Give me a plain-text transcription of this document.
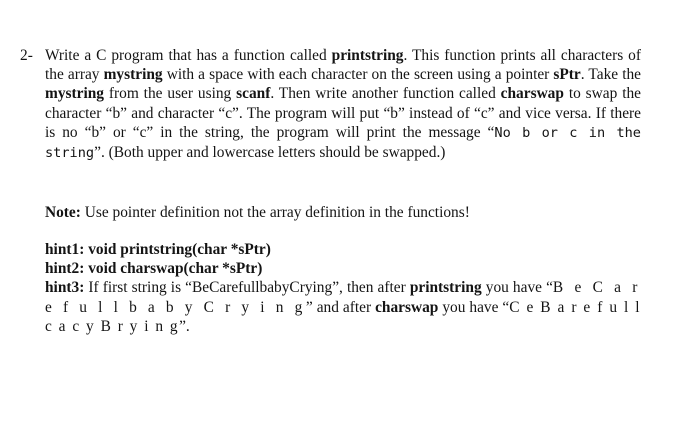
2- Write a C program that has a function called printstring. This function prints all characters of the array mystring with a space with each character on the screen using a pointer sPtr. Take the mystring from the user using scanf. Then write another function called charswap to swap the character “b” and character “c”. The program will put “b” instead of “c” and vice versa. If there is no “b” or “c” in the string, the program will print the message “No b or c in the string”. (Both upper and lowercase letters should be swapped.)
Note: Use pointer definition not the array definition in the functions!
hint1: void printstring(char *sPtr)
hint2: void charswap(char *sPtr)
hint3: If first string is “BeCarefullbabyCrying”, then after printstring you have “B e C a r e f u l l b a b y C r y i n g” and after charswap you have “C e B a r e f u l l c a c y B r y i n g”.
